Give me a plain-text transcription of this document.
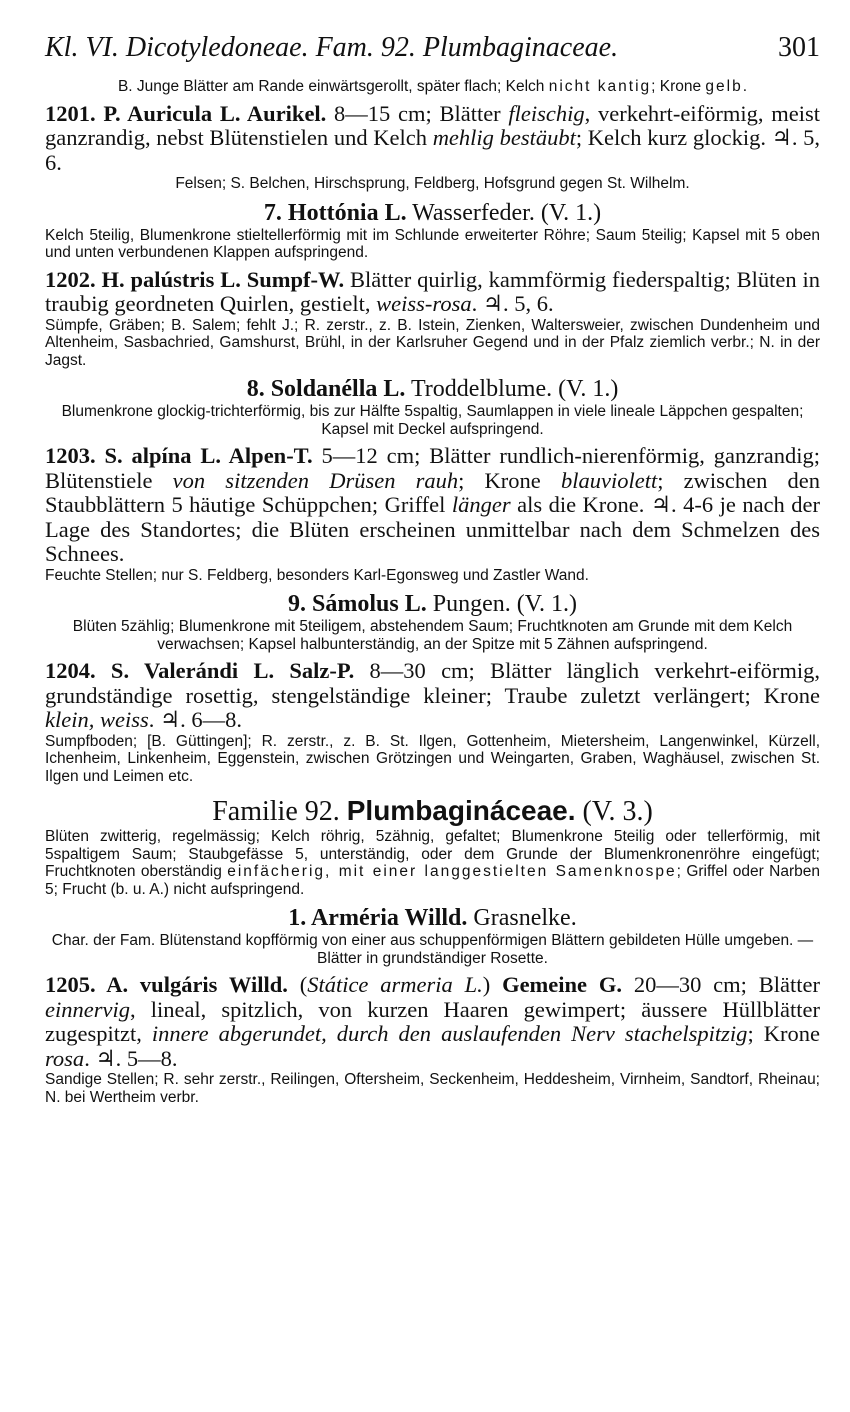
Kl. VI. Dicotyledoneae. Fam. 92. Plumbaginaceae.	301

B. Junge Blätter am Rande einwärtsgerollt, später flach; Kelch nicht kantig; Krone gelb.

1201. P. Auricula L. Aurikel. 8—15 cm; Blätter fleischig, verkehrt-eiförmig, meist ganzrandig, nebst Blütenstielen und Kelch mehlig bestäubt; Kelch kurz glockig. ♃. 5, 6.

Felsen; S. Belchen, Hirschsprung, Feldberg, Hofsgrund gegen St. Wilhelm.

7. Hottónia L. Wasserfeder. (V. 1.)

Kelch 5teilig, Blumenkrone stieltellerförmig mit im Schlunde erweiterter Röhre; Saum 5teilig; Kapsel mit 5 oben und unten verbundenen Klappen aufspringend.

1202. H. palústris L. Sumpf-W. Blätter quirlig, kammförmig fiederspaltig; Blüten in traubig geordneten Quirlen, gestielt, weiss-rosa. ♃. 5, 6.

Sümpfe, Gräben; B. Salem; fehlt J.; R. zerstr., z. B. Istein, Zienken, Waltersweier, zwischen Dundenheim und Altenheim, Sasbachried, Gamshurst, Brühl, in der Karlsruher Gegend und in der Pfalz ziemlich verbr.; N. in der Jagst.

8. Soldanélla L. Troddelblume. (V. 1.)

Blumenkrone glockig-trichterförmig, bis zur Hälfte 5spaltig, Saumlappen in viele lineale Läppchen gespalten; Kapsel mit Deckel aufspringend.

1203. S. alpína L. Alpen-T. 5—12 cm; Blätter rundlich-nierenförmig, ganzrandig; Blütenstiele von sitzenden Drüsen rauh; Krone blauviolett; zwischen den Staubblättern 5 häutige Schüppchen; Griffel länger als die Krone. ♃. 4-6 je nach der Lage des Standortes; die Blüten erscheinen unmittelbar nach dem Schmelzen des Schnees.

Feuchte Stellen; nur S. Feldberg, besonders Karl-Egonsweg und Zastler Wand.

9. Sámolus L. Pungen. (V. 1.)

Blüten 5zählig; Blumenkrone mit 5teiligem, abstehendem Saum; Fruchtknoten am Grunde mit dem Kelch verwachsen; Kapsel halbunterständig, an der Spitze mit 5 Zähnen aufspringend.

1204. S. Valerándi L. Salz-P. 8—30 cm; Blätter länglich verkehrt-eiförmig, grundständige rosettig, stengelständige kleiner; Traube zuletzt verlängert; Krone klein, weiss. ♃. 6—8.

Sumpfboden; [B. Güttingen]; R. zerstr., z. B. St. Ilgen, Gottenheim, Mietersheim, Langenwinkel, Kürzell, Ichenheim, Linkenheim, Eggenstein, zwischen Grötzingen und Weingarten, Graben, Waghäusel, zwischen St. Ilgen und Leimen etc.

Familie 92. Plumbagináceae. (V. 3.)

Blüten zwitterig, regelmässig; Kelch röhrig, 5zähnig, gefaltet; Blumenkrone 5teilig oder tellerförmig, mit 5spaltigem Saum; Staubgefässe 5, unterständig, oder dem Grunde der Blumenkronenröhre eingefügt; Fruchtknoten oberständig einfächerig, mit einer langgestielten Samenknospe; Griffel oder Narben 5; Frucht (b. u. A.) nicht aufspringend.

1. Arméria Willd. Grasnelke.

Char. der Fam. Blütenstand kopfförmig von einer aus schuppenförmigen Blättern gebildeten Hülle umgeben. — Blätter in grundständiger Rosette.

1205. A. vulgáris Willd. (Státice armeria L.) Gemeine G. 20—30 cm; Blätter einnervig, lineal, spitzlich, von kurzen Haaren gewimpert; äussere Hüllblätter zugespitzt, innere abgerundet, durch den auslaufenden Nerv stachelspitzig; Krone rosa. ♃. 5—8.

Sandige Stellen; R. sehr zerstr., Reilingen, Oftersheim, Seckenheim, Heddesheim, Virnheim, Sandtorf, Rheinau; N. bei Wertheim verbr.
